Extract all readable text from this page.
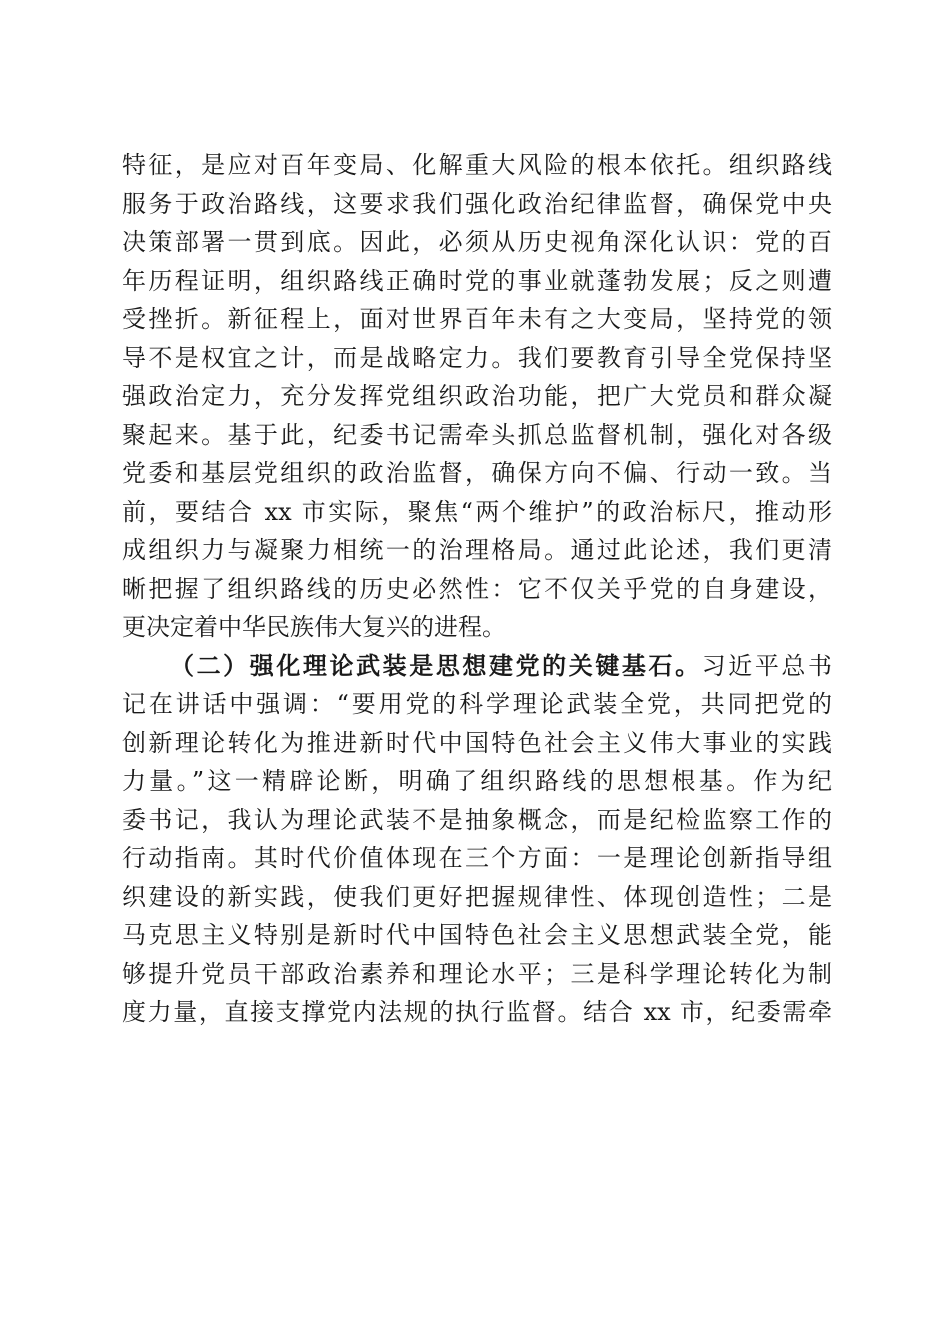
特征，是应对百年变局、化解重大风险的根本依托。组织路线
服务于政治路线，这要求我们强化政治纪律监督，确保党中央
决策部署一贯到底。因此，必须从历史视角深化认识：党的百
年历程证明，组织路线正确时党的事业就蓬勃发展；反之则遭
受挫折。新征程上，面对世界百年未有之大变局，坚持党的领
导不是权宜之计，而是战略定力。我们要教育引导全党保持坚
强政治定力，充分发挥党组织政治功能，把广大党员和群众凝
聚起来。基于此，纪委书记需牵头抓总监督机制，强化对各级
党委和基层党组织的政治监督，确保方向不偏、行动一致。当
前，要结合 xx 市实际，聚焦“两个维护”的政治标尺，推动形
成组织力与凝聚力相统一的治理格局。通过此论述，我们更清
晰把握了组织路线的历史必然性：它不仅关乎党的自身建设，
更决定着中华民族伟大复兴的进程。
（二）强化理论武装是思想建党的关键基石。习近平总书
记在讲话中强调：“要用党的科学理论武装全党，共同把党的
创新理论转化为推进新时代中国特色社会主义伟大事业的实践
力量。”这一精辟论断，明确了组织路线的思想根基。作为纪
委书记，我认为理论武装不是抽象概念，而是纪检监察工作的
行动指南。其时代价值体现在三个方面：一是理论创新指导组
织建设的新实践，使我们更好把握规律性、体现创造性；二是
马克思主义特别是新时代中国特色社会主义思想武装全党，能
够提升党员干部政治素养和理论水平；三是科学理论转化为制
度力量，直接支撑党内法规的执行监督。结合 xx 市，纪委需牵
